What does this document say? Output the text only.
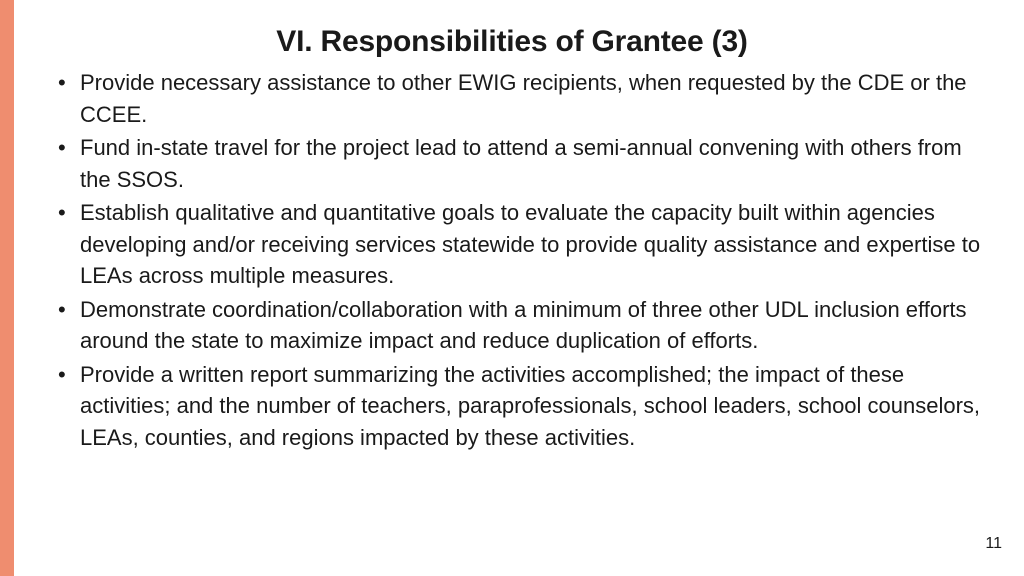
VI. Responsibilities of Grantee (3)
• Provide necessary assistance to other EWIG recipients, when requested by the CDE or the CCEE.
• Fund in-state travel for the project lead to attend a semi-annual convening with others from the SSOS.
• Establish qualitative and quantitative goals to evaluate the capacity built within agencies developing and/or receiving services statewide to provide quality assistance and expertise to LEAs across multiple measures.
• Demonstrate coordination/collaboration with a minimum of three other UDL inclusion efforts around the state to maximize impact and reduce duplication of efforts.
• Provide a written report summarizing the activities accomplished; the impact of these activities; and the number of teachers, paraprofessionals, school leaders, school counselors, LEAs, counties, and regions impacted by these activities.
11
